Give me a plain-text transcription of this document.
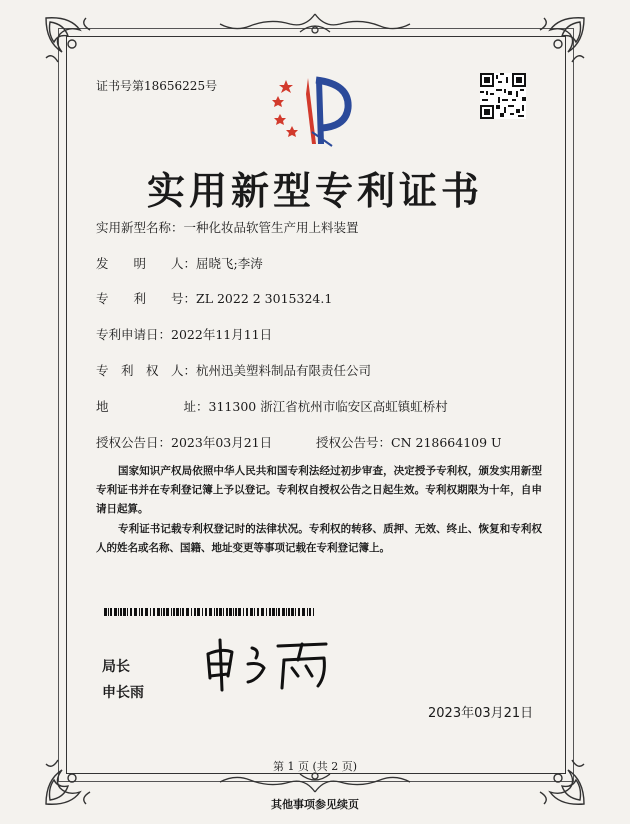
证书号第18656225号
实用新型专利证书
实用新型名称：一种化妆品软管生产用上料装置
发　　明　　人：屈晓飞;李涛
专　　利　　号：ZL 2022 2 3015324.1
专利申请日：2022年11月11日
专　利　权　人：杭州迅美塑料制品有限责任公司
地　　　　　　址：311300 浙江省杭州市临安区高虹镇虹桥村
授权公告日：2023年03月21日	授权公告号：CN 218664109 U
国家知识产权局依照中华人民共和国专利法经过初步审查，决定授予专利权，颁发实用新型专利证书并在专利登记簿上予以登记。专利权自授权公告之日起生效。专利权期限为十年，自申请日起算。
专利证书记载专利权登记时的法律状况。专利权的转移、质押、无效、终止、恢复和专利权人的姓名或名称、国籍、地址变更等事项记载在专利登记簿上。
局长
申长雨
2023年03月21日
第 1 页 (共 2 页)
其他事项参见续页
